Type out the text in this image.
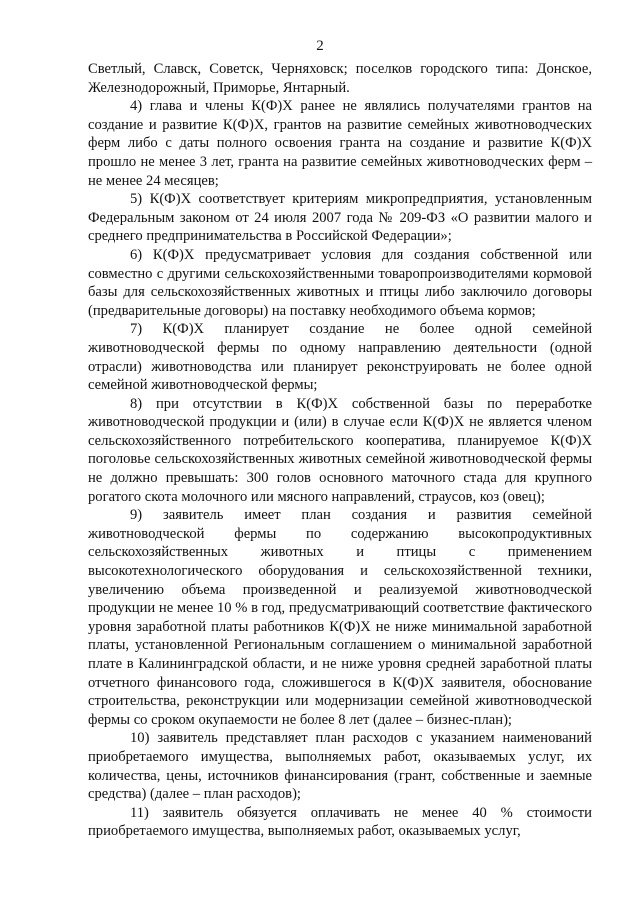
2

Светлый, Славск, Советск, Черняховск; поселков городского типа: Донское, Железнодорожный, Приморье, Янтарный.

4) глава и члены К(Ф)Х ранее не являлись получателями грантов на создание и развитие К(Ф)Х, грантов на развитие семейных животноводческих ферм либо с даты полного освоения гранта на создание и развитие К(Ф)Х прошло не менее 3 лет, гранта на развитие семейных животноводческих ферм – не менее 24 месяцев;

5) К(Ф)Х соответствует критериям микропредприятия, установленным Федеральным законом от 24 июля 2007 года № 209-ФЗ «О развитии малого и среднего предпринимательства в Российской Федерации»;

6) К(Ф)Х предусматривает условия для создания собственной или совместно с другими сельскохозяйственными товаропроизводителями кормовой базы для сельскохозяйственных животных и птицы либо заключило договоры (предварительные договоры) на поставку необходимого объема кормов;

7) К(Ф)Х планирует создание не более одной семейной животноводческой фермы по одному направлению деятельности (одной отрасли) животноводства или планирует реконструировать не более одной семейной животноводческой фермы;

8) при отсутствии в К(Ф)Х собственной базы по переработке животноводческой продукции и (или) в случае если К(Ф)Х не является членом сельскохозяйственного потребительского кооператива, планируемое К(Ф)Х поголовье сельскохозяйственных животных семейной животноводческой фермы не должно превышать: 300 голов основного маточного стада для крупного рогатого скота молочного или мясного направлений, страусов, коз (овец);

9) заявитель имеет план создания и развития семейной животноводческой фермы по содержанию высокопродуктивных сельскохозяйственных животных и птицы с применением высокотехнологического оборудования и сельскохозяйственной техники, увеличению объема произведенной и реализуемой животноводческой продукции не менее 10 % в год, предусматривающий соответствие фактического уровня заработной платы работников К(Ф)Х не ниже минимальной заработной платы, установленной Региональным соглашением о минимальной заработной плате в Калининградской области, и не ниже уровня средней заработной платы отчетного финансового года, сложившегося в К(Ф)Х заявителя, обоснование строительства, реконструкции или модернизации семейной животноводческой фермы со сроком окупаемости не более 8 лет (далее – бизнес-план);

10) заявитель представляет план расходов с указанием наименований приобретаемого имущества, выполняемых работ, оказываемых услуг, их количества, цены, источников финансирования (грант, собственные и заемные средства) (далее – план расходов);

11) заявитель обязуется оплачивать не менее 40 % стоимости приобретаемого имущества, выполняемых работ, оказываемых услуг,
